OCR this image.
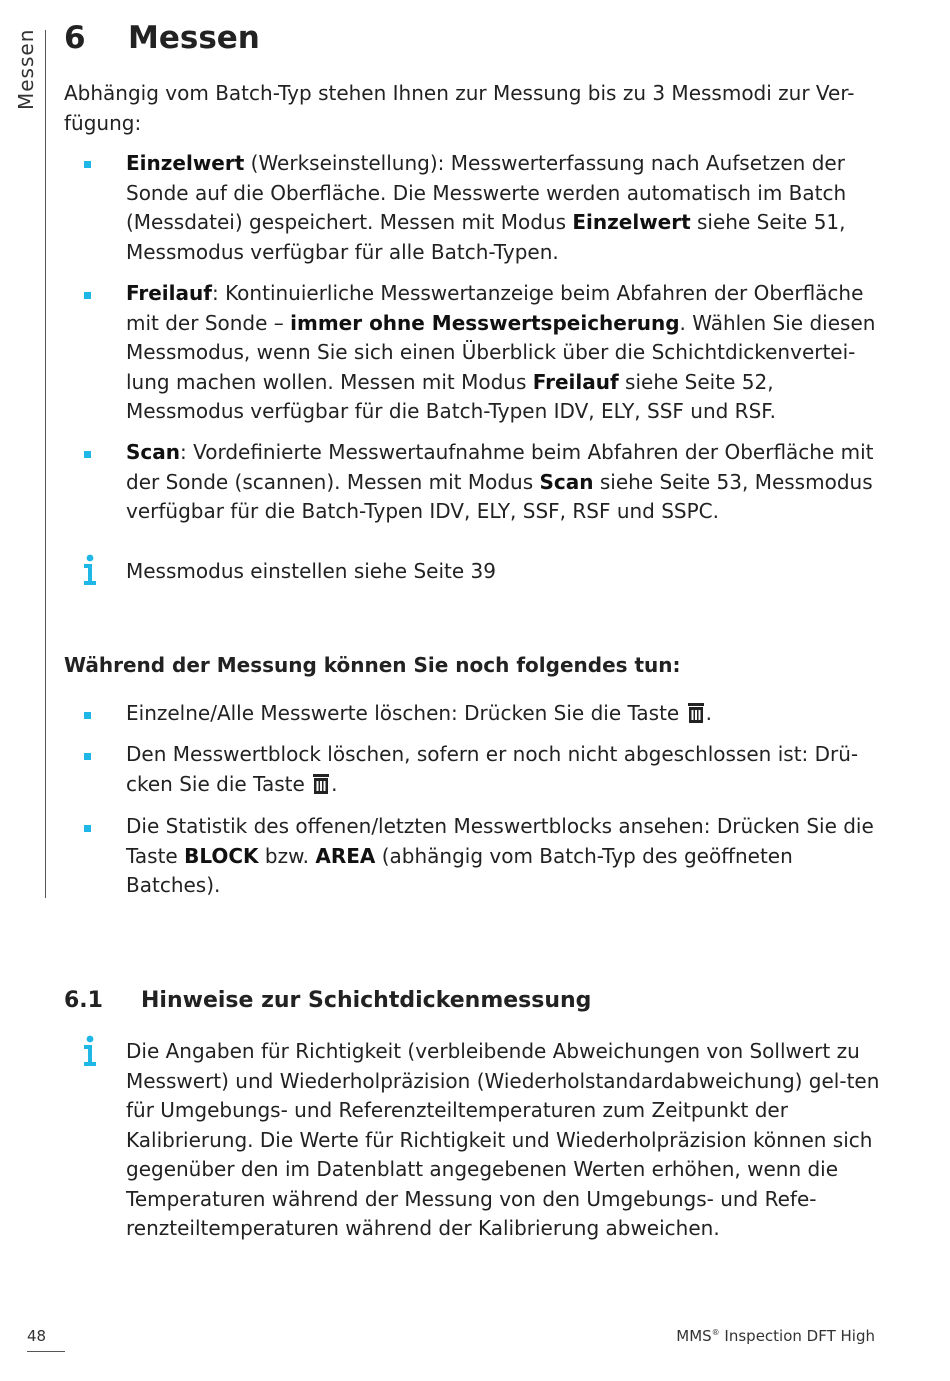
Messen 6 Messen

Abhängig vom Batch-Typ stehen Ihnen zur Messung bis zu 3 Messmodi zur Ver-fügung:

Einzelwert (Werkseinstellung): Messwerterfassung nach Aufsetzen der Sonde auf die Oberfläche. Die Messwerte werden automatisch im Batch (Messdatei) gespeichert. Messen mit Modus Einzelwert siehe Seite 51, Messmodus verfügbar für alle Batch-Typen.
Freilauf: Kontinuierliche Messwertanzeige beim Abfahren der Oberfläche mit der Sonde – immer ohne Messwertspeicherung. Wählen Sie diesen Messmodus, wenn Sie sich einen Überblick über die Schichtdickenvertei-lung machen wollen. Messen mit Modus Freilauf siehe Seite 52, Messmodus verfügbar für die Batch-Typen IDV, ELY, SSF und RSF.
Scan: Vordefinierte Messwertaufnahme beim Abfahren der Oberfläche mit der Sonde (scannen). Messen mit Modus Scan siehe Seite 53, Messmodus verfügbar für die Batch-Typen IDV, ELY, SSF, RSF und SSPC.
Messmodus einstellen siehe Seite 39
Während der Messung können Sie noch folgendes tun:
Einzelne/Alle Messwerte löschen: Drücken Sie die Taste .
Den Messwertblock löschen, sofern er noch nicht abgeschlossen ist: Drü-cken Sie die Taste .
Die Statistik des offenen/letzten Messwertblocks ansehen: Drücken Sie die Taste BLOCK bzw. AREA (abhängig vom Batch-Typ des geöffneten Batches).
6.1 Hinweise zur Schichtdickenmessung
Die Angaben für Richtigkeit (verbleibende Abweichungen von Sollwert zu Messwert) und Wiederholpräzision (Wiederholstandardabweichung) gel-ten für Umgebungs- und Referenzteiltemperaturen zum Zeitpunkt der Kalibrierung. Die Werte für Richtigkeit und Wiederholpräzision können sich gegenüber den im Datenblatt angegebenen Werten erhöhen, wenn die Temperaturen während der Messung von den Umgebungs- und Refe-renzteiltemperaturen während der Kalibrierung abweichen.
48	MMS® Inspection DFT High
